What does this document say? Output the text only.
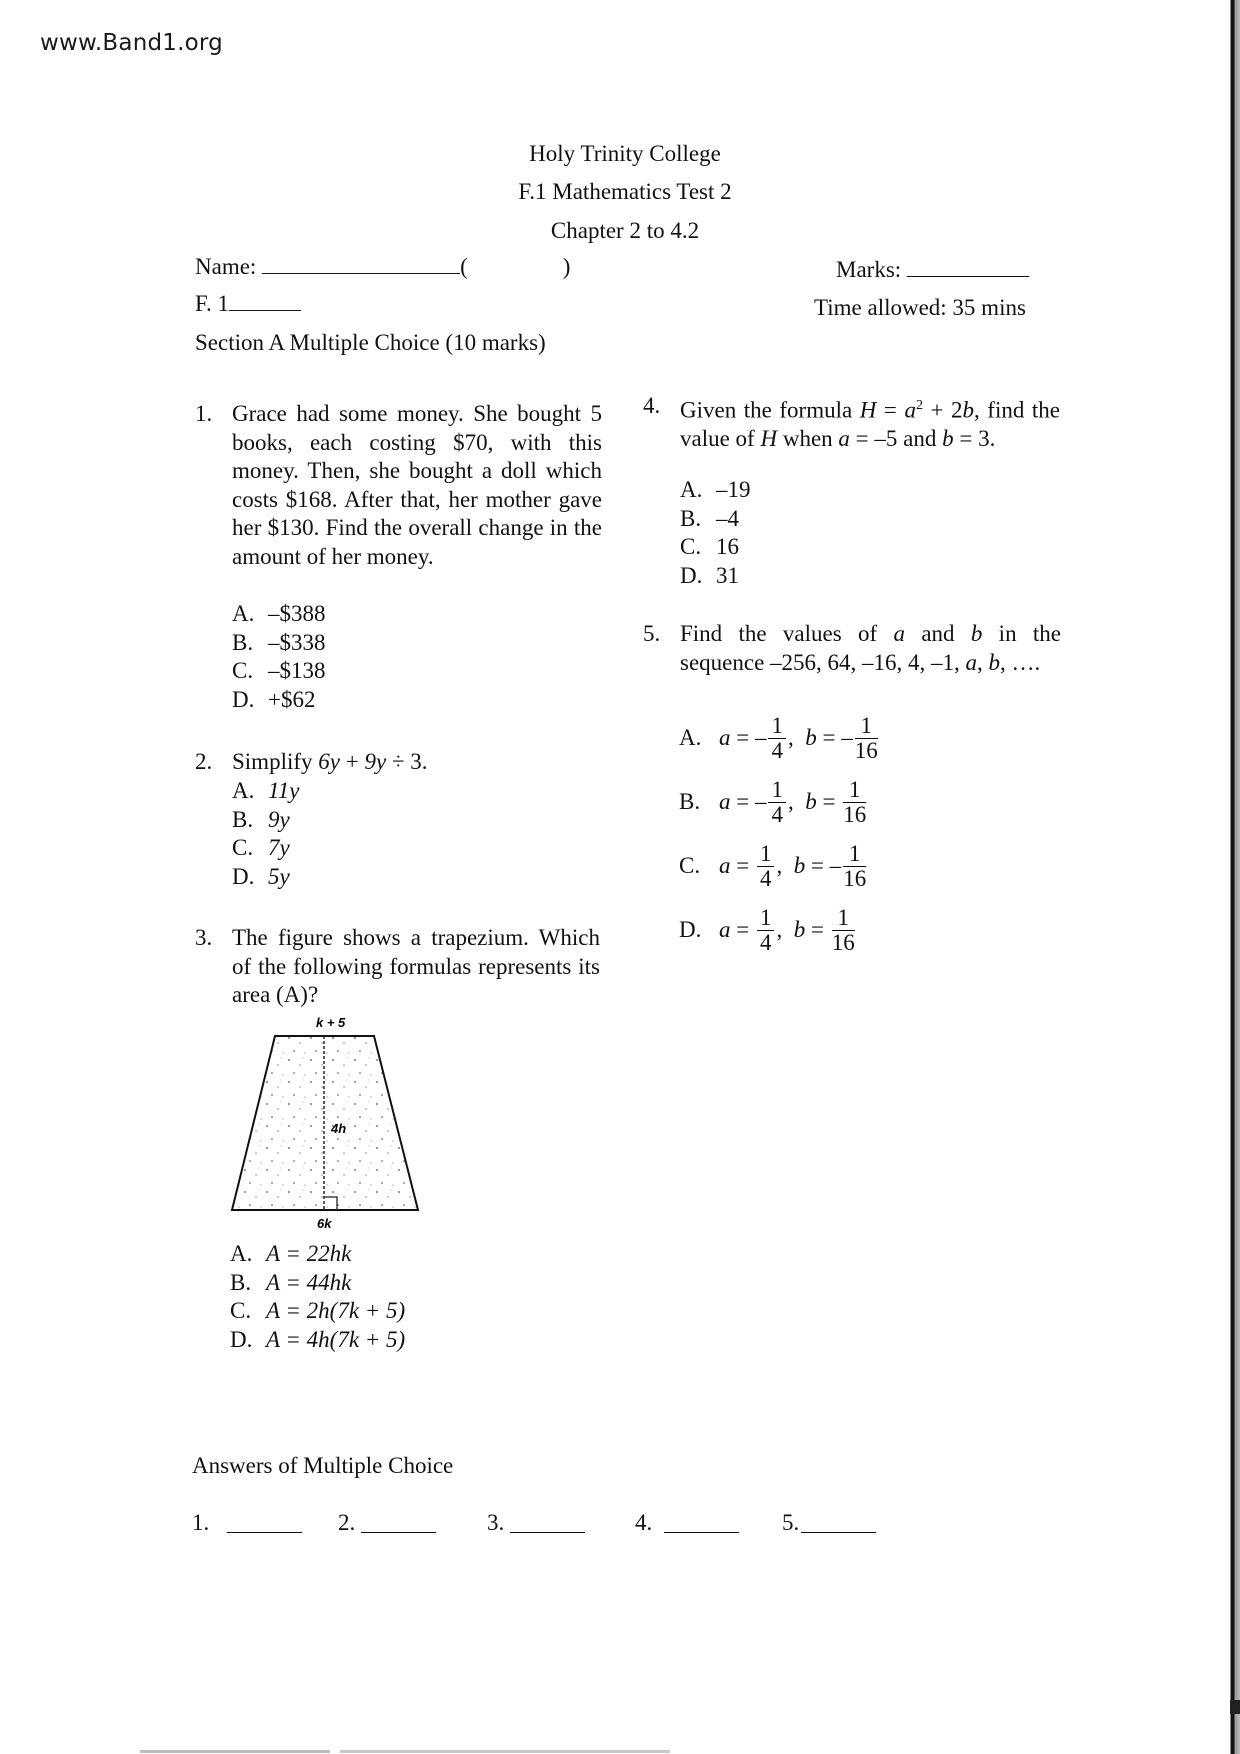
www.Band1.org
Holy Trinity College
F.1 Mathematics Test 2
Chapter 2 to 4.2
Name:	(	)	Marks:
F. 1	Time allowed: 35 mins
Section A Multiple Choice (10 marks)
1. Grace had some money. She bought 5 books, each costing $70, with this money. Then, she bought a doll which costs $168. After that, her mother gave her $130. Find the overall change in the amount of her money.
A. –$388
B. –$338
C. –$138
D. +$62
2. Simplify 6y + 9y ÷ 3.
A. 11y
B. 9y
C. 7y
D. 5y
3. The figure shows a trapezium. Which of the following formulas represents its area (A)?
k + 5
4h
6k
A. A = 22hk
B. A = 44hk
C. A = 2h(7k + 5)
D. A = 4h(7k + 5)
4. Given the formula $H = a^2 + 2b$, find the value of H when a = –5 and b = 3.
A. –19
B. –4
C. 16
D. 31
5. Find the values of a and b in the sequence –256, 64, –16, 4, –1, a, b, ….
A. a = – $\frac{1}{4}$ , b = – $\frac{1}{16}$
B. a = – $\frac{1}{4}$ , $b = \frac{1}{16}$
C. $a = \frac{1}{4}$ , b = – $\frac{1}{16}$
D. $a = \frac{1}{4}$ , $b = \frac{1}{16}$
Answers of Multiple Choice
1.	2.	3.	4.	5.
